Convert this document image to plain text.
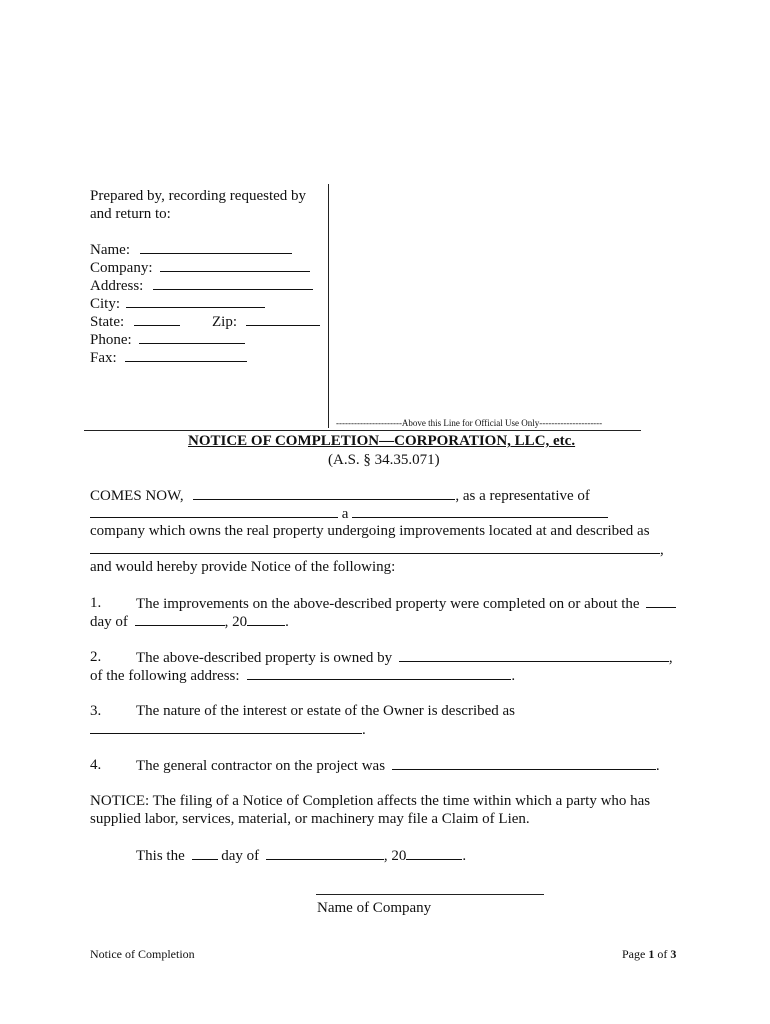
Prepared by, recording requested by
and return to:
Name:
Company:
Address:
City:
State:	Zip:
Phone:
Fax:
----------------------Above this Line for Official Use Only---------------------
NOTICE OF COMPLETION—CORPORATION, LLC, etc.
(A.S. § 34.35.071)
COMES NOW,	, as a representative of
a
company which owns the real property undergoing improvements located at and described as
,
and would hereby provide Notice of the following:
1. The improvements on the above-described property were completed on or about the
day of	, 20	.
2. The above-described property is owned by	,
of the following address:	.
3. The nature of the interest or estate of the Owner is described as
.
4. The general contractor on the project was	.
NOTICE: The filing of a Notice of Completion affects the time within which a party who has
supplied labor, services, material, or machinery may file a Claim of Lien.
This the day of	, 20	.
Name of Company
Notice of Completion	Page 1 of 3
